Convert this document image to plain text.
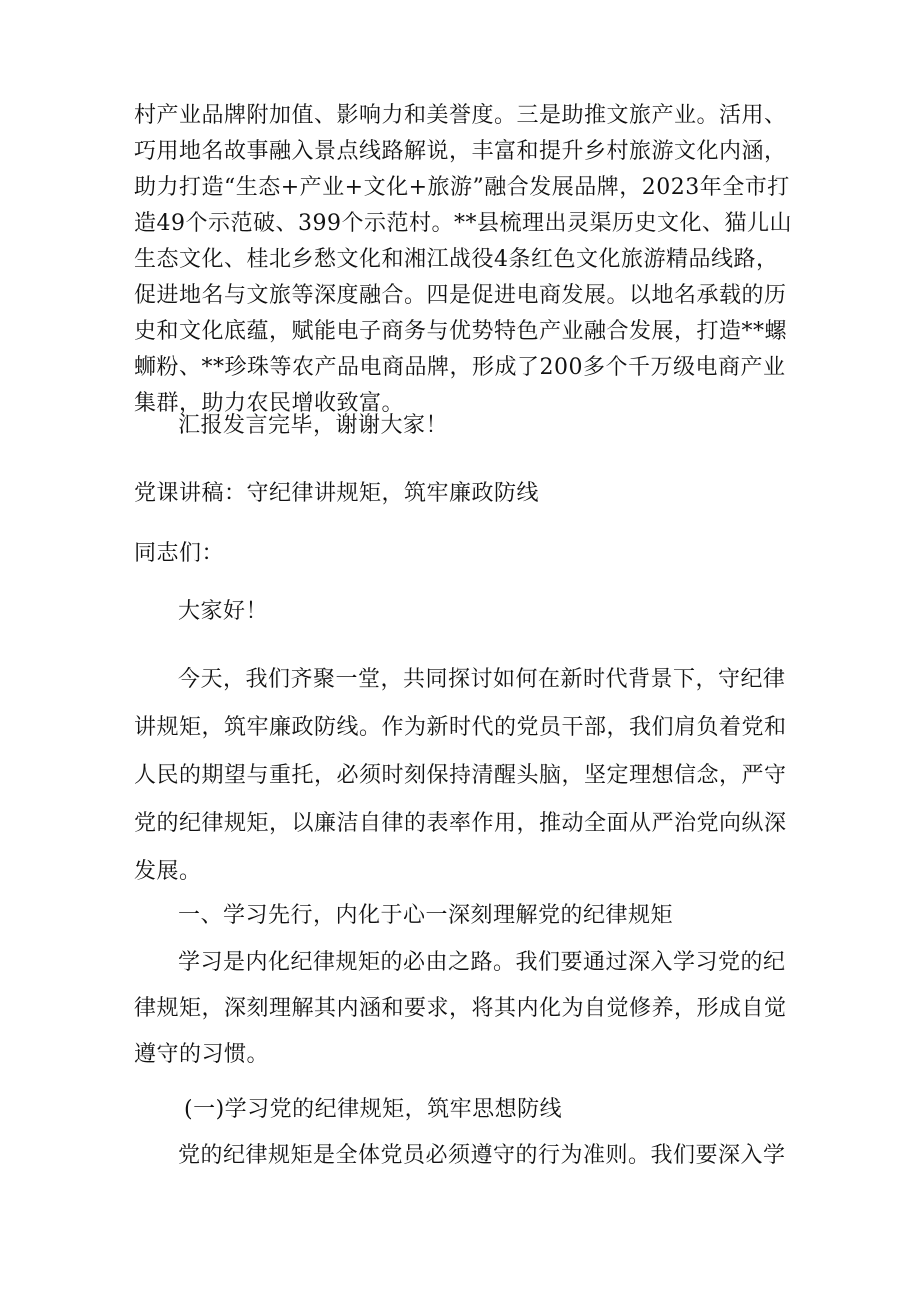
村产业品牌附加值、影响力和美誉度。三是助推文旅产业。活用、巧用地名故事融入景点线路解说，丰富和提升乡村旅游文化内涵，助力打造“生态+产业+文化+旅游”融合发展品牌，2023年全市打造49个示范破、399个示范村。**县梳理出灵渠历史文化、猫儿山生态文化、桂北乡愁文化和湘江战役4条红色文化旅游精品线路，促进地名与文旅等深度融合。四是促进电商发展。以地名承载的历史和文化底蕴，赋能电子商务与优势特色产业融合发展，打造**螺蛳粉、**珍珠等农产品电商品牌，形成了200多个千万级电商产业集群，助力农民增收致富。

汇报发言完毕，谢谢大家！

党课讲稿：守纪律讲规矩，筑牢廉政防线

同志们：

大家好！

今天，我们齐聚一堂，共同探讨如何在新时代背景下，守纪律讲规矩，筑牢廉政防线。作为新时代的党员干部，我们肩负着党和人民的期望与重托，必须时刻保持清醒头脑，坚定理想信念，严守党的纪律规矩，以廉洁自律的表率作用，推动全面从严治党向纵深发展。

一、学习先行，内化于心一深刻理解党的纪律规矩

学习是内化纪律规矩的必由之路。我们要通过深入学习党的纪律规矩，深刻理解其内涵和要求，将其内化为自觉修养，形成自觉遵守的习惯。

(一)学习党的纪律规矩，筑牢思想防线

党的纪律规矩是全体党员必须遵守的行为准则。我们要深入学
